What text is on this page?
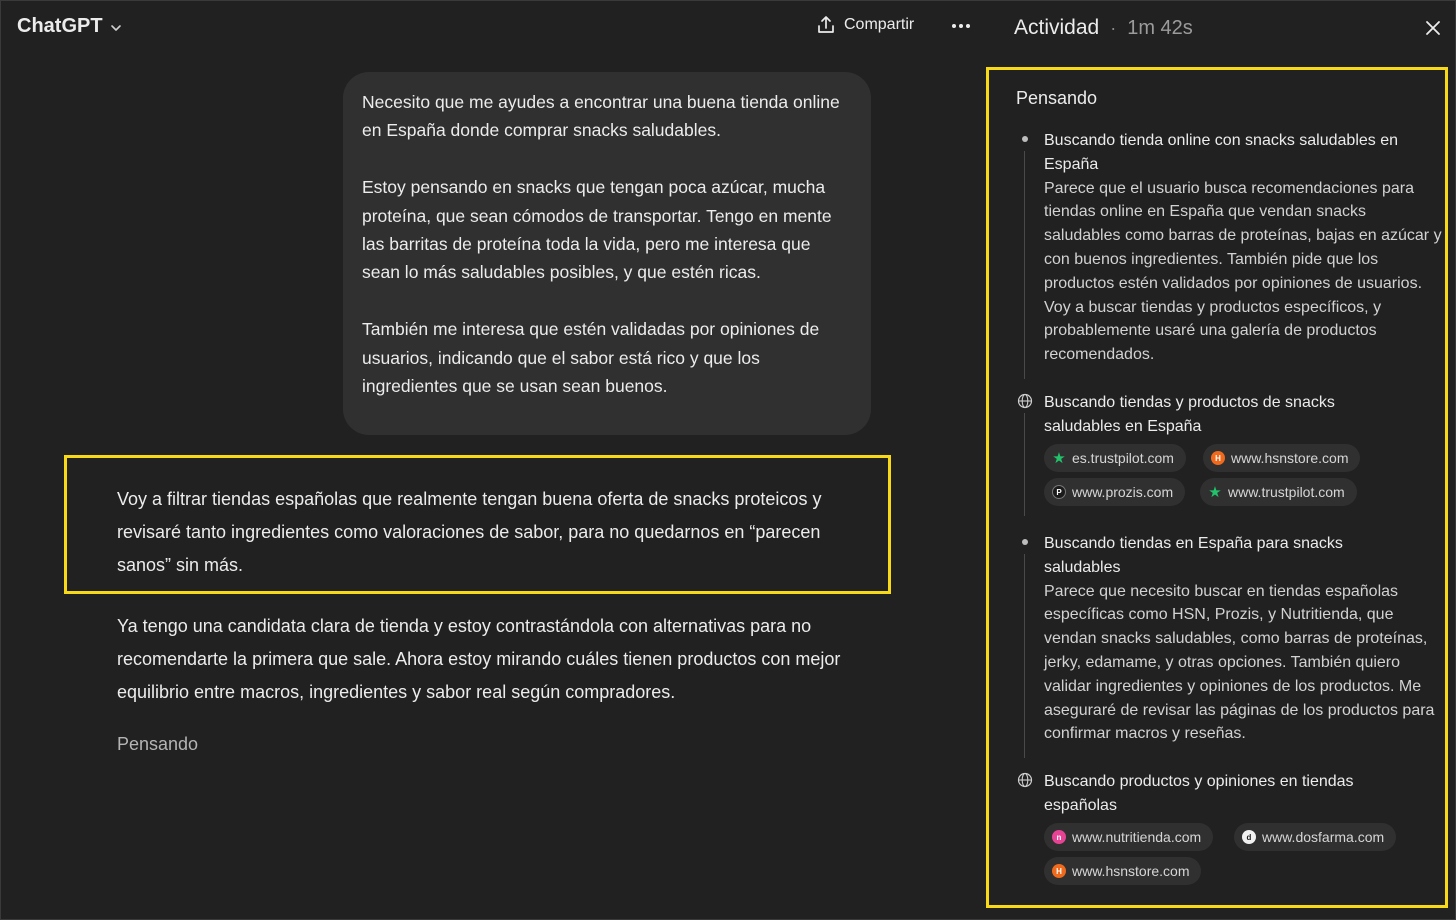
ChatGPT	Compartir

Necesito que me ayudes a encontrar una buena tienda online en España donde comprar snacks saludables.

Estoy pensando en snacks que tengan poca azúcar, mucha proteína, que sean cómodos de transportar. Tengo en mente las barritas de proteína toda la vida, pero me interesa que sean lo más saludables posibles, y que estén ricas.

También me interesa que estén validadas por opiniones de usuarios, indicando que el sabor está rico y que los ingredientes que se usan sean buenos.

Voy a filtrar tiendas españolas que realmente tengan buena oferta de snacks proteicos y revisaré tanto ingredientes como valoraciones de sabor, para no quedarnos en “parecen sanos” sin más.
Ya tengo una candidata clara de tienda y estoy contrastándola con alternativas para no recomendarte la primera que sale. Ahora estoy mirando cuáles tienen productos con mejor equilibrio entre macros, ingredientes y sabor real según compradores.
Pensando
Actividad · 1m 42s
Pensando
Buscando tienda online con snacks saludables en España
Parece que el usuario busca recomendaciones para tiendas online en España que vendan snacks saludables como barras de proteínas, bajas en azúcar y con buenos ingredientes. También pide que los productos estén validados por opiniones de usuarios. Voy a buscar tiendas y productos específicos, y probablemente usaré una galería de productos recomendados.
Buscando tiendas y productos de snacks saludables en España
★ es.trustpilot.com	H www.hsnstore.com
P www.prozis.com ★ www.trustpilot.com
Buscando tiendas en España para snacks saludables
Parece que necesito buscar en tiendas españolas específicas como HSN, Prozis, y Nutritienda, que vendan snacks saludables, como barras de proteínas, jerky, edamame, y otras opciones. También quiero validar ingredientes y opiniones de los productos. Me aseguraré de revisar las páginas de los productos para confirmar macros y reseñas.
Buscando productos y opiniones en tiendas españolas
n www.nutritienda.com	d www.dosfarma.com
H www.hsnstore.com
